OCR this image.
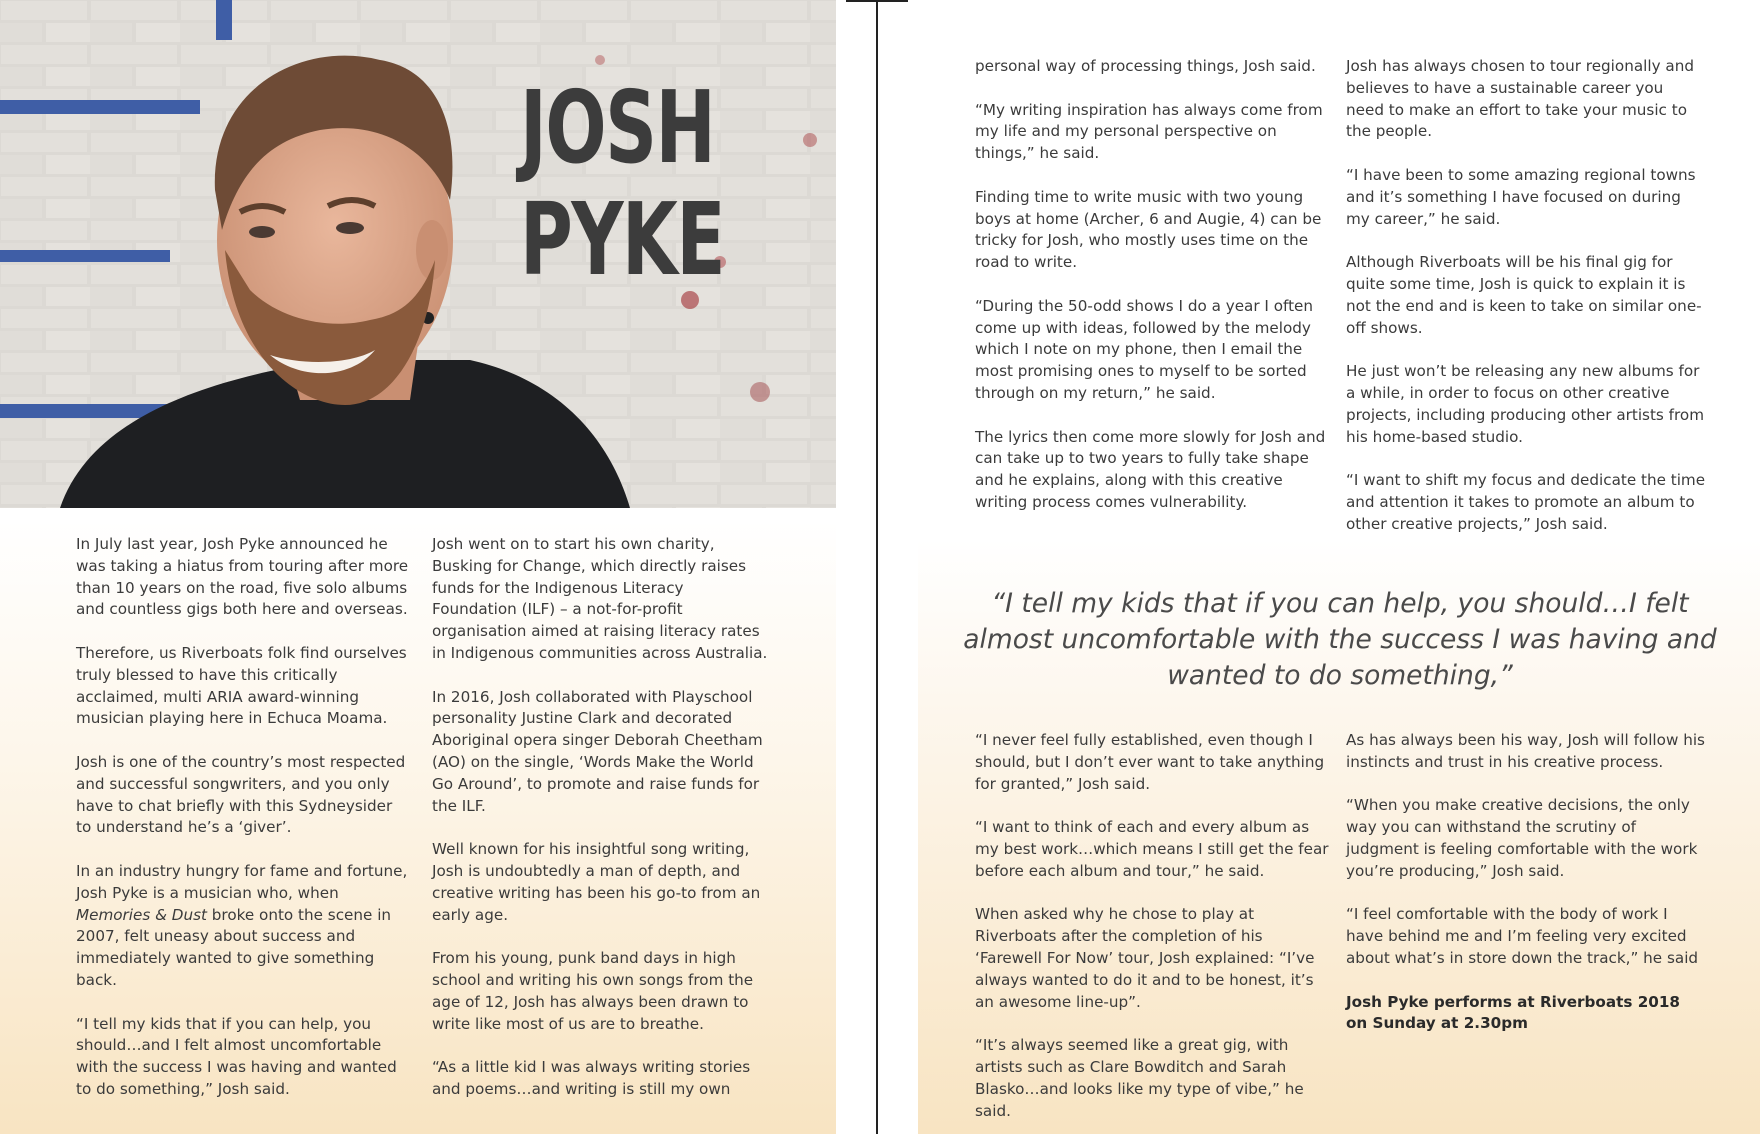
JOSH
PYKE

In July last year, Josh Pyke announced he was taking a hiatus from touring after more than 10 years on the road, five solo albums and countless gigs both here and overseas.

Therefore, us Riverboats folk find ourselves truly blessed to have this critically acclaimed, multi ARIA award-winning musician playing here in Echuca Moama.

Josh is one of the country’s most respected and successful songwriters, and you only have to chat briefly with this Sydneysider to understand he’s a ‘giver’.

In an industry hungry for fame and fortune, Josh Pyke is a musician who, when Memories & Dust broke onto the scene in 2007, felt uneasy about success and immediately wanted to give something back.

“I tell my kids that if you can help, you should…and I felt almost uncomfortable with the success I was having and wanted to do something,” Josh said.

Josh went on to start his own charity, Busking for Change, which directly raises funds for the Indigenous Literacy Foundation (ILF) – a not-for-profit organisation aimed at raising literacy rates in Indigenous communities across Australia.

In 2016, Josh collaborated with Playschool personality Justine Clark and decorated Aboriginal opera singer Deborah Cheetham (AO) on the single, ‘Words Make the World Go Around’, to promote and raise funds for the ILF.

Well known for his insightful song writing, Josh is undoubtedly a man of depth, and creative writing has been his go-to from an early age.

From his young, punk band days in high school and writing his own songs from the age of 12, Josh has always been drawn to write like most of us are to breathe.

“As a little kid I was always writing stories and poems…and writing is still my own

personal way of processing things, Josh said.

“My writing inspiration has always come from my life and my personal perspective on things,” he said.

Finding time to write music with two young boys at home (Archer, 6 and Augie, 4) can be tricky for Josh, who mostly uses time on the road to write.

“During the 50-odd shows I do a year I often come up with ideas, followed by the melody which I note on my phone, then I email the most promising ones to myself to be sorted through on my return,” he said.

The lyrics then come more slowly for Josh and can take up to two years to fully take shape and he explains, along with this creative writing process comes vulnerability.

Josh has always chosen to tour regionally and believes to have a sustainable career you need to make an effort to take your music to the people.

“I have been to some amazing regional towns and it’s something I have focused on during my career,” he said.

Although Riverboats will be his final gig for quite some time, Josh is quick to explain it is not the end and is keen to take on similar one-off shows.

He just won’t be releasing any new albums for a while, in order to focus on other creative projects, including producing other artists from his home-based studio.

“I want to shift my focus and dedicate the time and attention it takes to promote an album to other creative projects,” Josh said.

“I tell my kids that if you can help, you should…I felt almost uncomfortable with the success I was having and wanted to do something,”

“I never feel fully established, even though I should, but I don’t ever want to take anything for granted,” Josh said.

“I want to think of each and every album as my best work…which means I still get the fear before each album and tour,” he said.

When asked why he chose to play at Riverboats after the completion of his ‘Farewell For Now’ tour, Josh explained: “I’ve always wanted to do it and to be honest, it’s an awesome line-up”.

“It’s always seemed like a great gig, with artists such as Clare Bowditch and Sarah Blasko…and looks like my type of vibe,” he said.

As has always been his way, Josh will follow his instincts and trust in his creative process.

“When you make creative decisions, the only way you can withstand the scrutiny of judgment is feeling comfortable with the work you’re producing,” Josh said.

“I feel comfortable with the body of work I have behind me and I’m feeling very excited about what’s in store down the track,” he said

Josh Pyke performs at Riverboats 2018 on Sunday at 2.30pm
